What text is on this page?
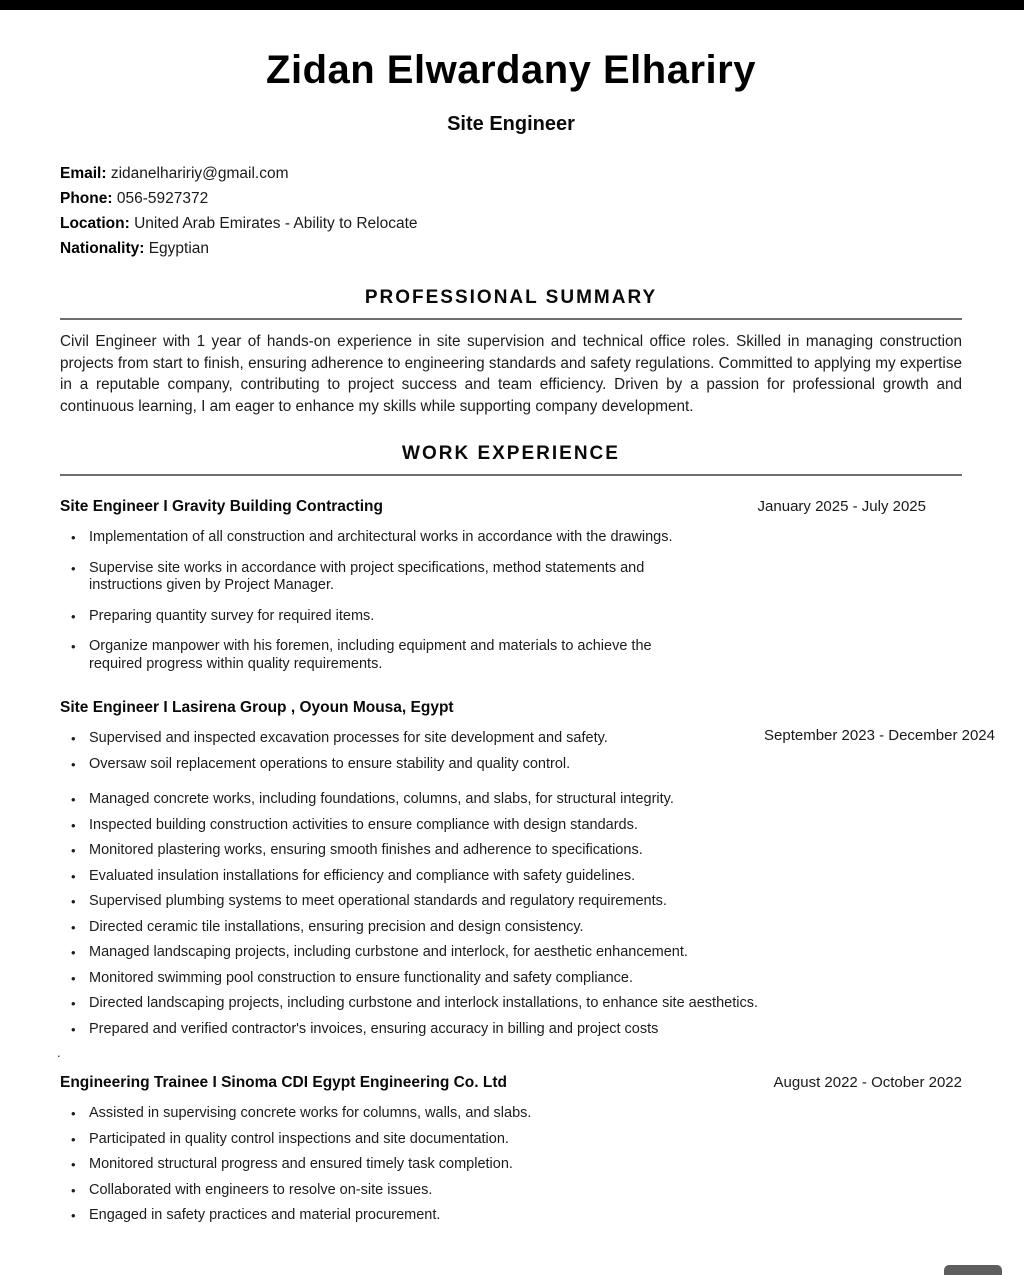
Zidan Elwardany Elhariry
Site Engineer
Email: zidanelhaririy@gmail.com
Phone: 056-5927372
Location: United Arab Emirates - Ability to Relocate
Nationality: Egyptian
PROFESSIONAL SUMMARY

Civil Engineer with 1 year of hands-on experience in site supervision and technical office roles. Skilled in managing construction projects from start to finish, ensuring adherence to engineering standards and safety regulations. Committed to applying my expertise in a reputable company, contributing to project success and team efficiency. Driven by a passion for professional growth and continuous learning, I am eager to enhance my skills while supporting company development.

WORK EXPERIENCE
Site Engineer I Gravity Building Contracting	January 2025 - July 2025
• Implementation of all construction and architectural works in accordance with the drawings.
• Supervise site works in accordance with project specifications, method statements and instructions given by Project Manager.
• Preparing quantity survey for required items.
• Organize manpower with his foremen, including equipment and materials to achieve the required progress within quality requirements.
Site Engineer I Lasirena Group , Oyoun Mousa, Egypt
September 2023 - December 2024
• Supervised and inspected excavation processes for site development and safety.
• Oversaw soil replacement operations to ensure stability and quality control.
• Managed concrete works, including foundations, columns, and slabs, for structural integrity.
• Inspected building construction activities to ensure compliance with design standards.
• Monitored plastering works, ensuring smooth finishes and adherence to specifications.
• Evaluated insulation installations for efficiency and compliance with safety guidelines.
• Supervised plumbing systems to meet operational standards and regulatory requirements.
• Directed ceramic tile installations, ensuring precision and design consistency.
• Managed landscaping projects, including curbstone and interlock, for aesthetic enhancement.
• Monitored swimming pool construction to ensure functionality and safety compliance.
• Directed landscaping projects, including curbstone and interlock installations, to enhance site aesthetics.
• Prepared and verified contractor's invoices, ensuring accuracy in billing and project costs
.
Engineering Trainee I Sinoma CDI Egypt Engineering Co. Ltd	August 2022 - October 2022
• Assisted in supervising concrete works for columns, walls, and slabs.
• Participated in quality control inspections and site documentation.
• Monitored structural progress and ensured timely task completion.
• Collaborated with engineers to resolve on-site issues.
• Engaged in safety practices and material procurement.
